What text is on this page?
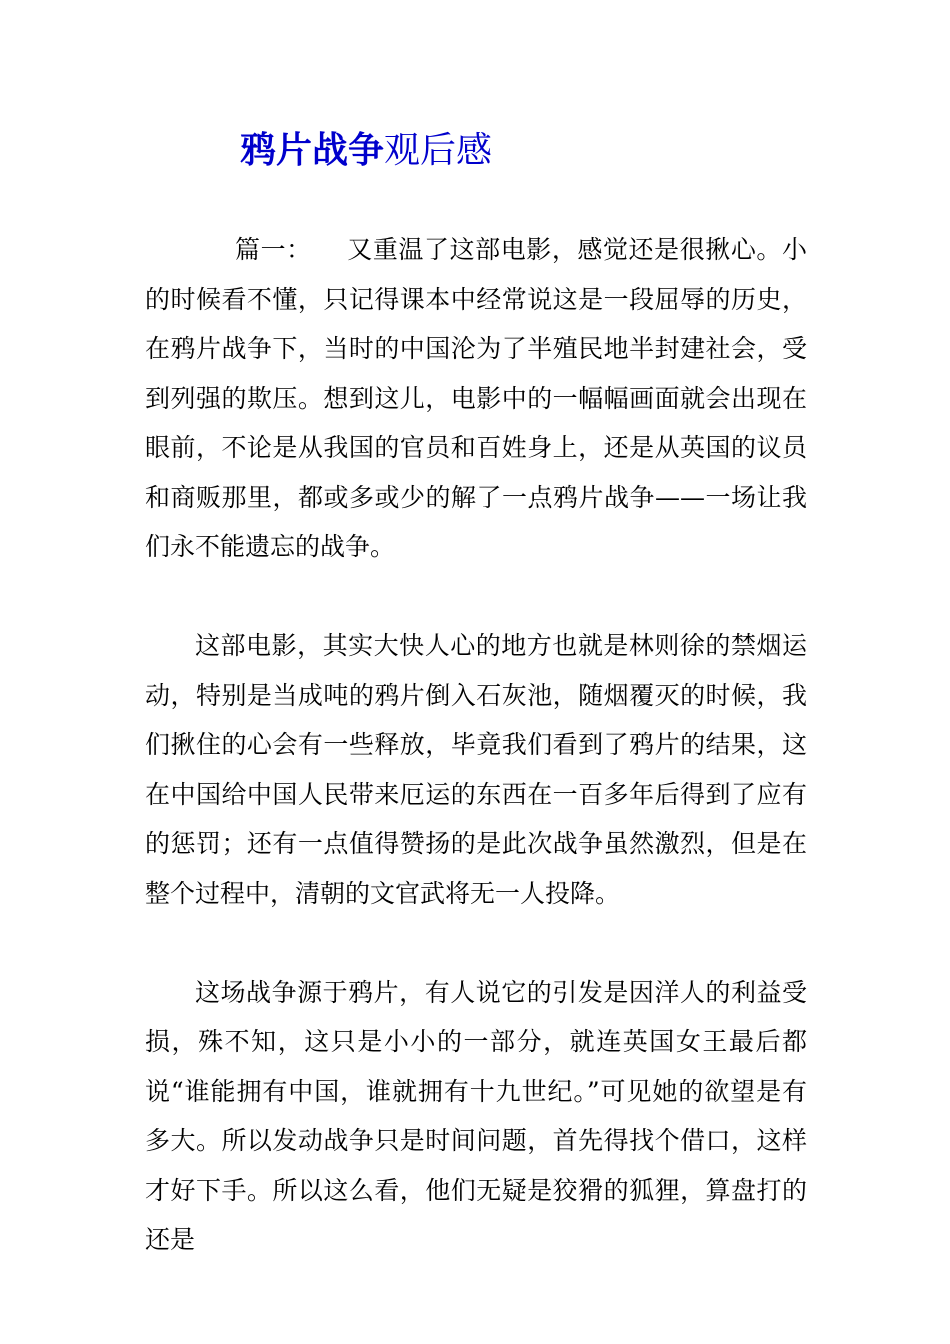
鸦片战争观后感

篇一： 又重温了这部电影，感觉还是很揪心。小的时候看不懂，只记得课本中经常说这是一段屈辱的历史，在鸦片战争下，当时的中国沦为了半殖民地半封建社会，受到列强的欺压。想到这儿，电影中的一幅幅画面就会出现在眼前，不论是从我国的官员和百姓身上，还是从英国的议员和商贩那里，都或多或少的解了一点鸦片战争——一场让我们永不能遗忘的战争。

这部电影，其实大快人心的地方也就是林则徐的禁烟运动，特别是当成吨的鸦片倒入石灰池，随烟覆灭的时候，我们揪住的心会有一些释放，毕竟我们看到了鸦片的结果，这在中国给中国人民带来厄运的东西在一百多年后得到了应有的惩罚；还有一点值得赞扬的是此次战争虽然激烈，但是在整个过程中，清朝的文官武将无一人投降。

这场战争源于鸦片，有人说它的引发是因洋人的利益受损，殊不知，这只是小小的一部分，就连英国女王最后都说“谁能拥有中国，谁就拥有十九世纪。”可见她的欲望是有多大。所以发动战争只是时间问题，首先得找个借口，这样才好下手。所以这么看，他们无疑是狡猾的狐狸，算盘打的还是
